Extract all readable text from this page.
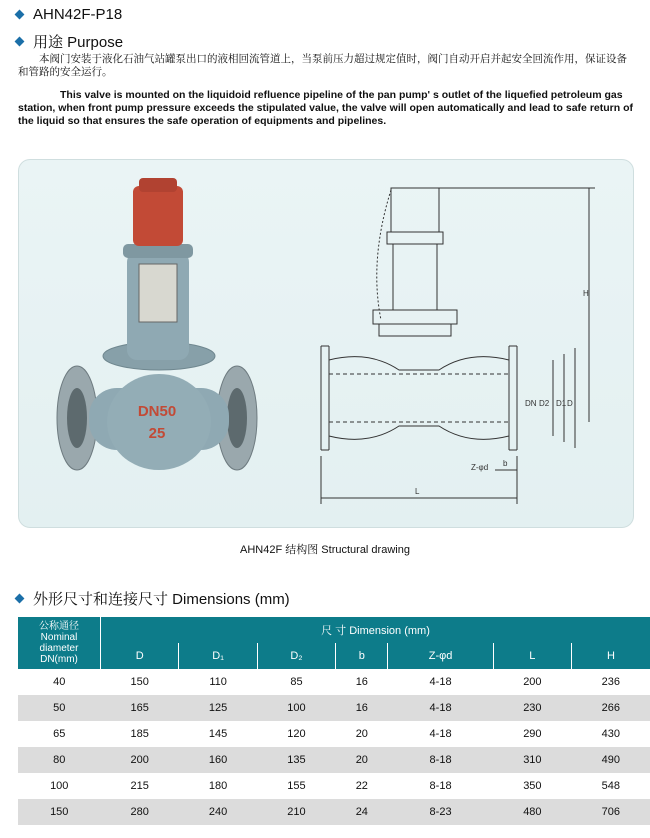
AHN42F-P18
用途 Purpose
本阀门安装于液化石油气站罐泵出口的液相回流管道上，当泵前压力超过规定值时，阀门自动开启并起安全回流作用，保证设备和管路的安全运行。
This valve is mounted on the liquidoid refluence pipeline of the pan pump' s outlet of the liquefied petroleum gas station, when front pump pressure exceeds the stipulated value, the valve will open automatically and lead to safe return of the liquid so that ensures the safe operation of equipments and pipelines.
DN50
25
H
DN D2 D1 D
L
b
Z-φd
AHN42F 结构图 Structural drawing
外形尺寸和连接尺寸 Dimensions (mm)
公称通径
Nominal
diameter
DN(mm)	尺 寸 Dimension (mm)						
	D	D₁	D₂	b	Z-φd	L	H
40	150	110	85	16	4-18	200	236
50	165	125	100	16	4-18	230	266
65	185	145	120	20	4-18	290	430
80	200	160	135	20	8-18	310	490
100	215	180	155	22	8-18	350	548
150	280	240	210	24	8-23	480	706
